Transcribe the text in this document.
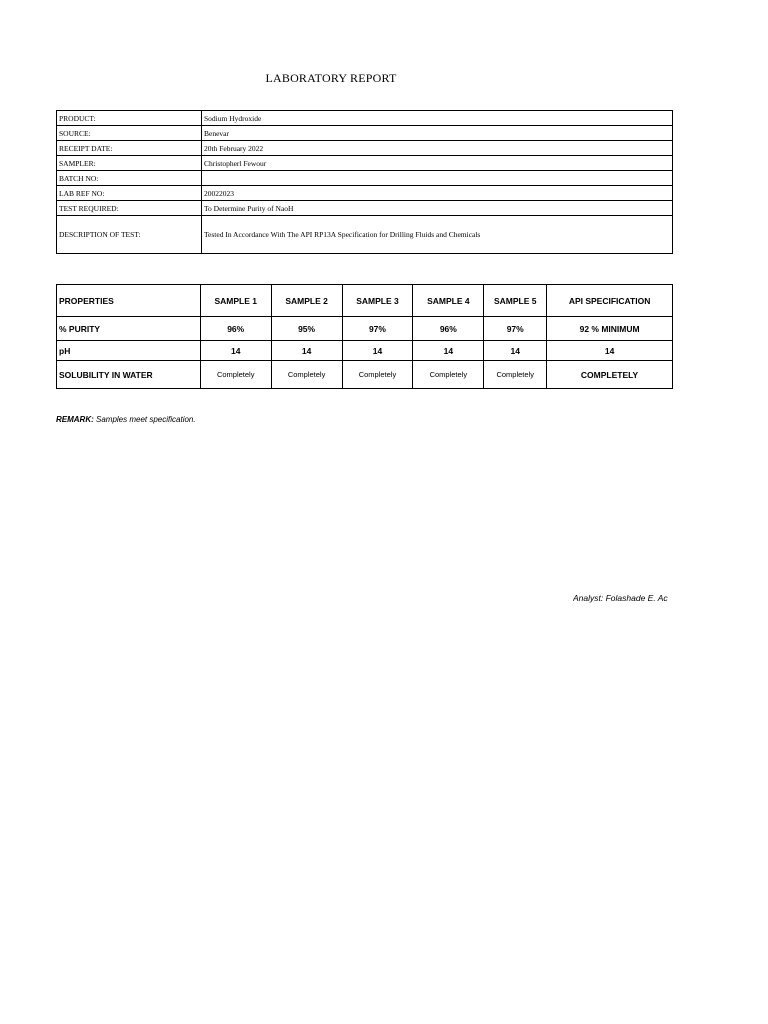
LABORATORY REPORT
PRODUCT:	Sodium Hydroxide
SOURCE:	Benevar
RECEIPT DATE:	20th February 2022
SAMPLER:	Christopherl Fewour
BATCH NO:	
LAB REF NO:	20022023
TEST REQUIRED:	To Determine Purity of NaoH
DESCRIPTION OF TEST:	Tested In Accordance With The API RP13A Specification for Drilling Fluids and Chemicals
PROPERTIES	SAMPLE 1	SAMPLE 2	SAMPLE 3	SAMPLE 4	SAMPLE 5	API SPECIFICATION
% PURITY	96%	95%	97%	96%	97%	92 % MINIMUM
pH	14	14	14	14	14	14
SOLUBILITY IN WATER	Completely	Completely	Completely	Completely	Completely	COMPLETELY
REMARK: Samples meet specification.
Analyst: Folashade E. Ac
